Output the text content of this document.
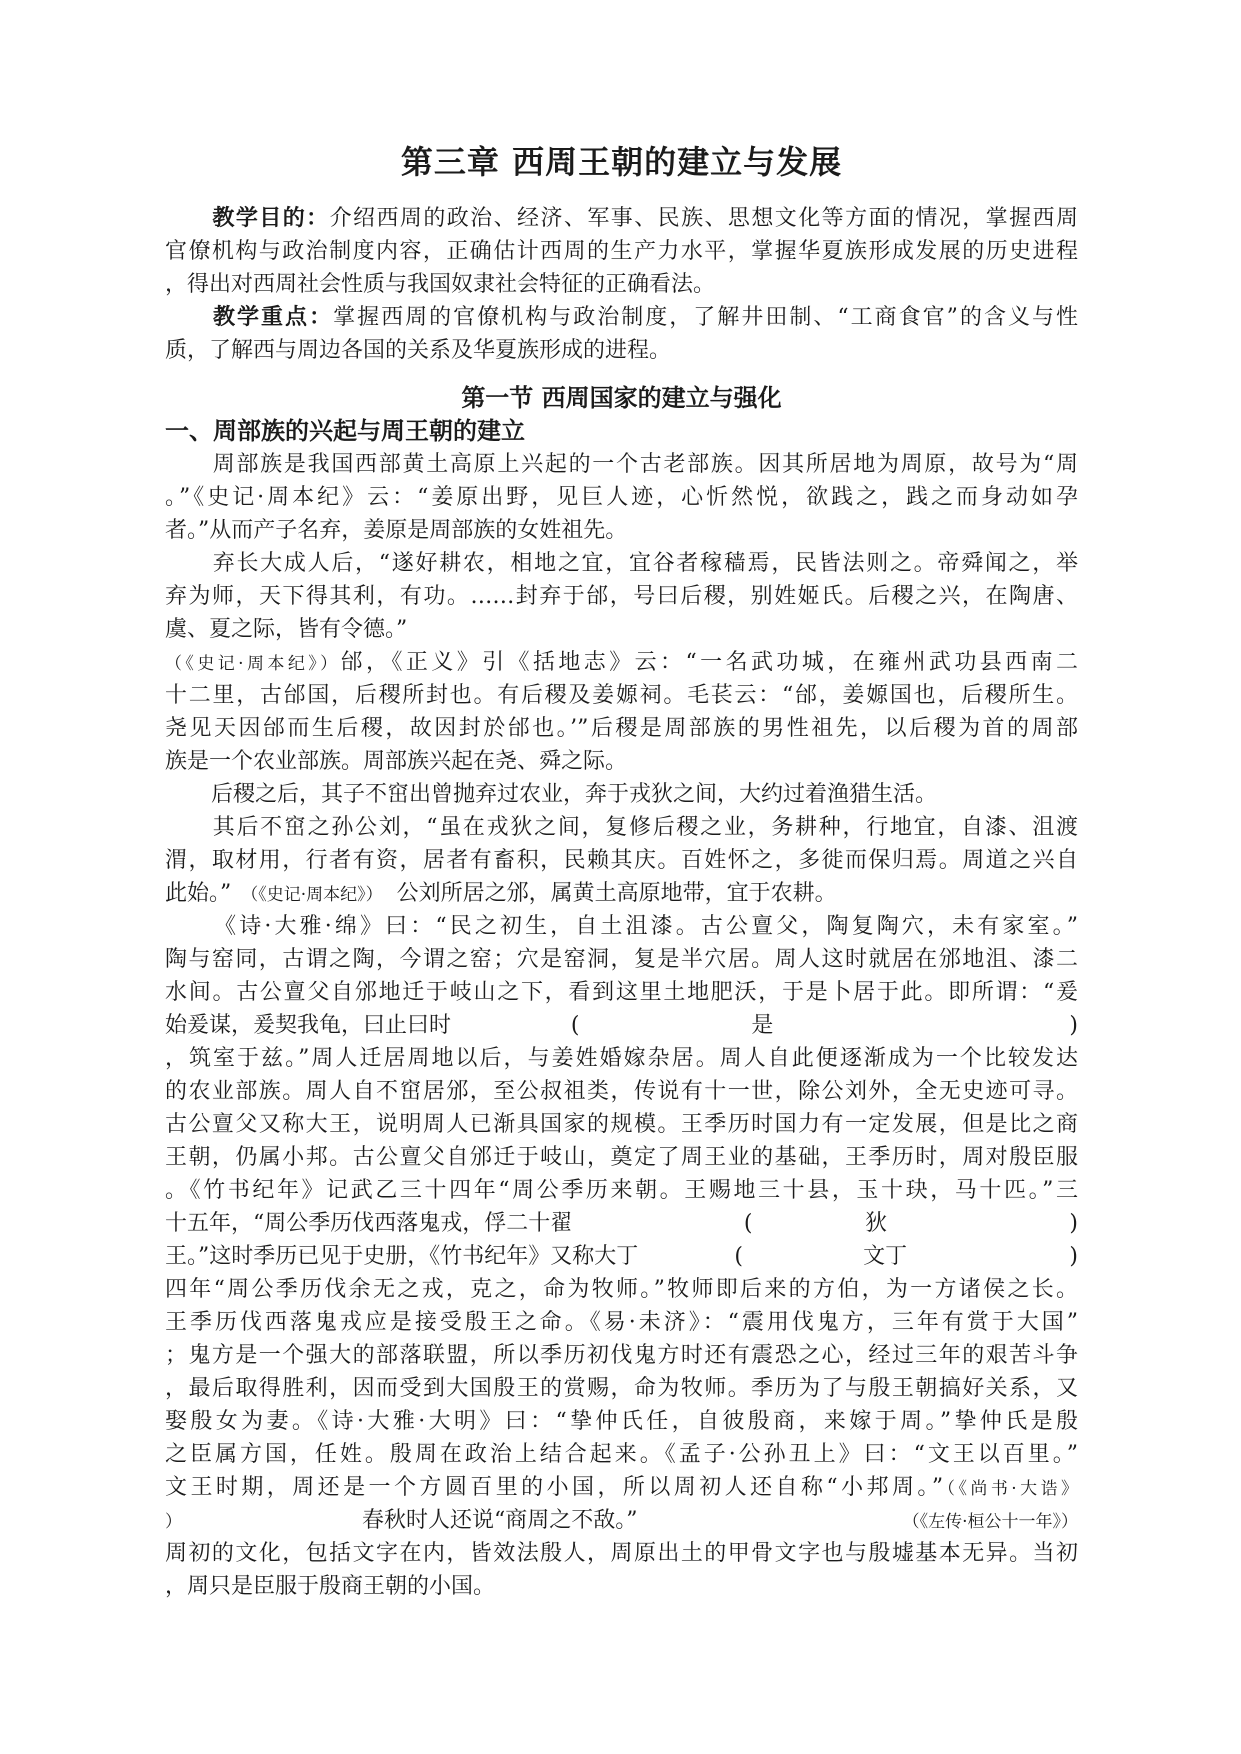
第三章 西周王朝的建立与发展
教学目的：介绍西周的政治、经济、军事、民族、思想文化等方面的情况，掌握西周
官僚机构与政治制度内容，正确估计西周的生产力水平，掌握华夏族形成发展的历史进程
，得出对西周社会性质与我国奴隶社会特征的正确看法。
教学重点：掌握西周的官僚机构与政治制度，了解井田制、“工商食官”的含义与性
质，了解西与周边各国的关系及华夏族形成的进程。
第一节 西周国家的建立与强化
一、周部族的兴起与周王朝的建立
周部族是我国西部黄土高原上兴起的一个古老部族。因其所居地为周原，故号为“周
。”《史记·周本纪》云：“姜原出野，见巨人迹，心忻然悦，欲践之，践之而身动如孕
者。”从而产子名弃，姜原是周部族的女姓祖先。
弃长大成人后，“遂好耕农，相地之宜，宜谷者稼穑焉，民皆法则之。帝舜闻之，举
弃为师，天下得其利，有功。……封弃于邰，号曰后稷，别姓姬氏。后稷之兴，在陶唐、
虞、夏之际，皆有令德。”
（《史记·周本纪》）邰，《正义》引《括地志》云：“一名武功城，在雍州武功县西南二
十二里，古邰国，后稷所封也。有后稷及姜嫄祠。毛苌云：“邰，姜嫄国也，后稷所生。
尧见天因邰而生后稷，故因封於邰也。’”后稷是周部族的男性祖先，以后稷为首的周部
族是一个农业部族。周部族兴起在尧、舜之际。
后稷之后，其子不窋出曾抛弃过农业，奔于戎狄之间，大约过着渔猎生活。
其后不窋之孙公刘，“虽在戎狄之间，复修后稷之业，务耕种，行地宜，自漆、沮渡
渭，取材用，行者有资，居者有畜积，民赖其庆。百姓怀之，多徙而保归焉。周道之兴自
此始。” （《史记·周本纪》） 公刘所居之邠，属黄土高原地带，宜于农耕。
《诗·大雅·绵》曰：“民之初生，自土沮漆。古公亶父，陶复陶穴，未有家室。”
陶与窑同，古谓之陶，今谓之窑；穴是窑洞，复是半穴居。周人这时就居在邠地沮、漆二
水间。古公亶父自邠地迁于岐山之下，看到这里土地肥沃，于是卜居于此。即所谓：“爰
始爰谋，爰契我龟，曰止曰时	(	是	)
，筑室于兹。”周人迁居周地以后，与姜姓婚嫁杂居。周人自此便逐渐成为一个比较发达
的农业部族。周人自不窋居邠，至公叔祖类，传说有十一世，除公刘外，全无史迹可寻。
古公亶父又称大王，说明周人已渐具国家的规模。王季历时国力有一定发展，但是比之商
王朝，仍属小邦。古公亶父自邠迁于岐山，奠定了周王业的基础，王季历时，周对殷臣服
。《竹书纪年》记武乙三十四年“周公季历来朝。王赐地三十县，玉十玦，马十匹。”三
十五年，“周公季历伐西落鬼戎，俘二十翟	(	狄	)
王。”这时季历已见于史册，《竹书纪年》又称大丁	(	文丁	)
四年“周公季历伐余无之戎，克之，命为牧师。”牧师即后来的方伯，为一方诸侯之长。
王季历伐西落鬼戎应是接受殷王之命。《易·未济》：“震用伐鬼方，三年有赏于大国”
；鬼方是一个强大的部落联盟，所以季历初伐鬼方时还有震恐之心，经过三年的艰苦斗争
，最后取得胜利，因而受到大国殷王的赏赐，命为牧师。季历为了与殷王朝搞好关系，又
娶殷女为妻。《诗·大雅·大明》曰：“挚仲氏任，自彼殷商，来嫁于周。”挚仲氏是殷
之臣属方国，任姓。殷周在政治上结合起来。《孟子·公孙丑上》曰：“文王以百里。”
文王时期，周还是一个方圆百里的小国，所以周初人还自称“小邦周。”（《尚书·大诰》
）	春秋时人还说“商周之不敌。”	（《左传·桓公十一年》）
周初的文化，包括文字在内，皆效法殷人，周原出土的甲骨文字也与殷墟基本无异。当初
，周只是臣服于殷商王朝的小国。
